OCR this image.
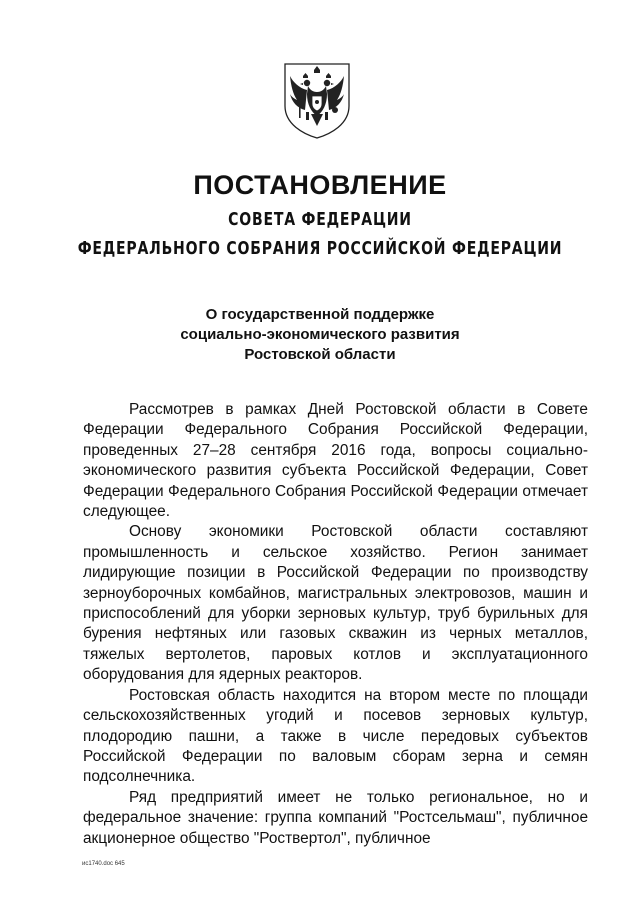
ПОСТАНОВЛЕНИЕ
СОВЕТА ФЕДЕРАЦИИ
ФЕДЕРАЛЬНОГО СОБРАНИЯ РОССИЙСКОЙ ФЕДЕРАЦИИ
О государственной поддержке
социально-экономического развития
Ростовской области

Рассмотрев в рамках Дней Ростовской области в Совете Федерации Федерального Собрания Российской Федерации, проведенных 27–28 сентября 2016 года, вопросы социально-экономического развития субъекта Российской Федерации, Совет Федерации Федерального Собрания Российской Федерации отмечает следующее.

Основу экономики Ростовской области составляют промышленность и сельское хозяйство. Регион занимает лидирующие позиции в Российской Федерации по производству зерноуборочных комбайнов, магистральных электровозов, машин и приспособлений для уборки зерновых культур, труб бурильных для бурения нефтяных или газовых скважин из черных металлов, тяжелых вертолетов, паровых котлов и эксплуатационного оборудования для ядерных реакторов.

Ростовская область находится на втором месте по площади сельскохозяйственных угодий и посевов зерновых культур, плодородию пашни, а также в числе передовых субъектов Российской Федерации по валовым сборам зерна и семян подсолнечника.

Ряд предприятий имеет не только региональное, но и федеральное значение: группа компаний "Ростсельмаш", публичное акционерное общество "Роствертол", публичное

ис1740.doc 645
